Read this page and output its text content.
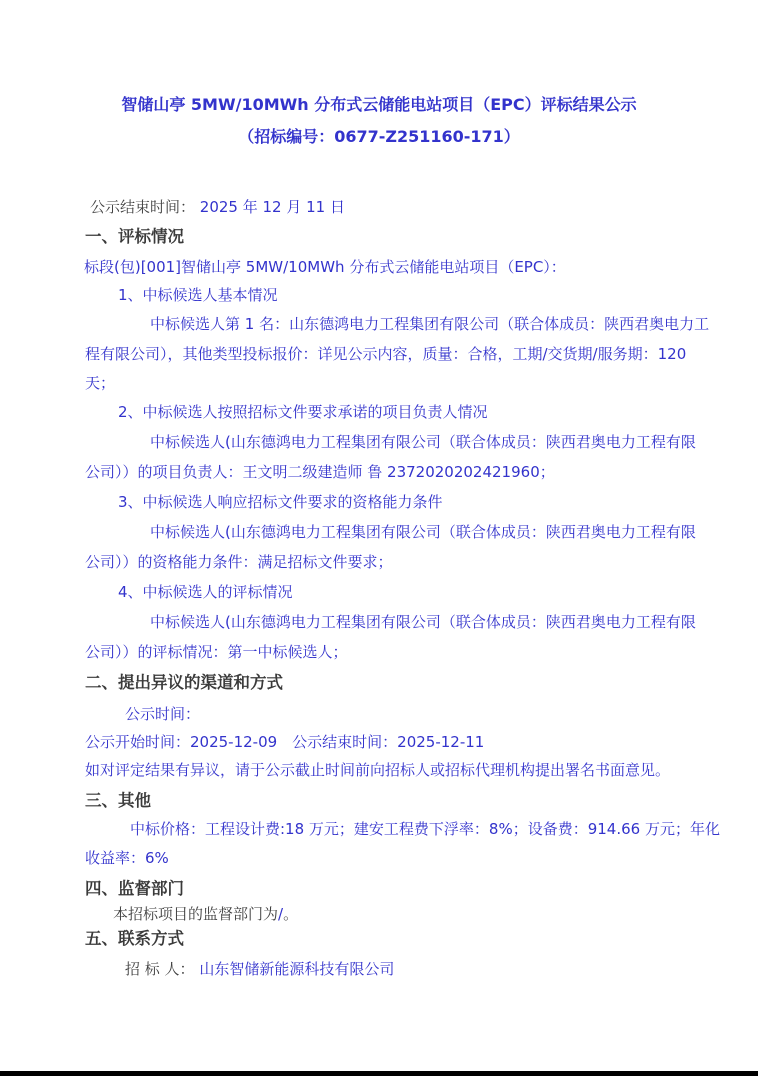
智储山亭 5MW/10MWh 分布式云储能电站项目（EPC）评标结果公示
（招标编号：0677-Z251160-171）
公示结束时间： 2025 年 12 月 11 日
一、评标情况
标段(包)[001]智储山亭 5MW/10MWh 分布式云储能电站项目（EPC）：
1、中标候选人基本情况
中标候选人第 1 名：山东德鸿电力工程集团有限公司（联合体成员：陕西君奥电力工
程有限公司），其他类型投标报价：详见公示内容，质量：合格，工期/交货期/服务期：120
天；
2、中标候选人按照招标文件要求承诺的项目负责人情况
中标候选人(山东德鸿电力工程集团有限公司（联合体成员：陕西君奥电力工程有限
公司））的项目负责人：王文明二级建造师 鲁 2372020202421960；
3、中标候选人响应招标文件要求的资格能力条件
中标候选人(山东德鸿电力工程集团有限公司（联合体成员：陕西君奥电力工程有限
公司））的资格能力条件：满足招标文件要求；
4、中标候选人的评标情况
中标候选人(山东德鸿电力工程集团有限公司（联合体成员：陕西君奥电力工程有限
公司））的评标情况：第一中标候选人；
二、提出异议的渠道和方式
公示时间：
公示开始时间：2025-12-09　公示结束时间：2025-12-11
如对评定结果有异议，请于公示截止时间前向招标人或招标代理机构提出署名书面意见。
三、其他
中标价格：工程设计费:18 万元；建安工程费下浮率：8%；设备费：914.66 万元；年化
收益率：6%
四、监督部门
本招标项目的监督部门为/。
五、联系方式
招 标 人： 山东智储新能源科技有限公司
